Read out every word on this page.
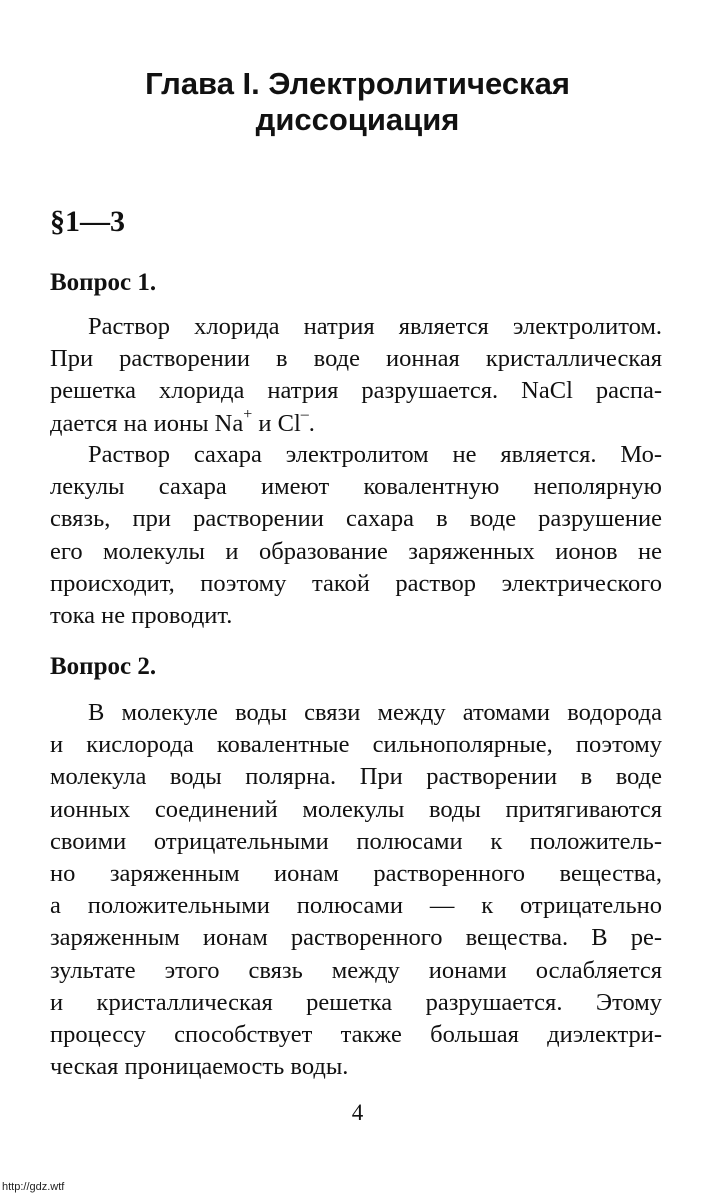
Глава I. Электролитическая
диссоциация
§1—3
Вопрос 1.

Раствор хлорида натрия является электролитом.
При растворении в воде ионная кристаллическая
решетка хлорида натрия разрушается. NaCl распа-
дается на ионы Na+ и Cl–.

Раствор сахара электролитом не является. Мо-
лекулы сахара имеют ковалентную неполярную
связь, при растворении сахара в воде разрушение
его молекулы и образование заряженных ионов не
происходит, поэтому такой раствор электрического
тока не проводит.

Вопрос 2.

В молекуле воды связи между атомами водорода
и кислорода ковалентные сильнополярные, поэтому
молекула воды полярна. При растворении в воде
ионных соединений молекулы воды притягиваются
своими отрицательными полюсами к положитель-
но заряженным ионам растворенного вещества,
а положительными полюсами — к отрицательно
заряженным ионам растворенного вещества. В ре-
зультате этого связь между ионами ослабляется
и кристаллическая решетка разрушается. Этому
процессу способствует также большая диэлектри-
ческая проницаемость воды.

4

http://gdz.wtf
